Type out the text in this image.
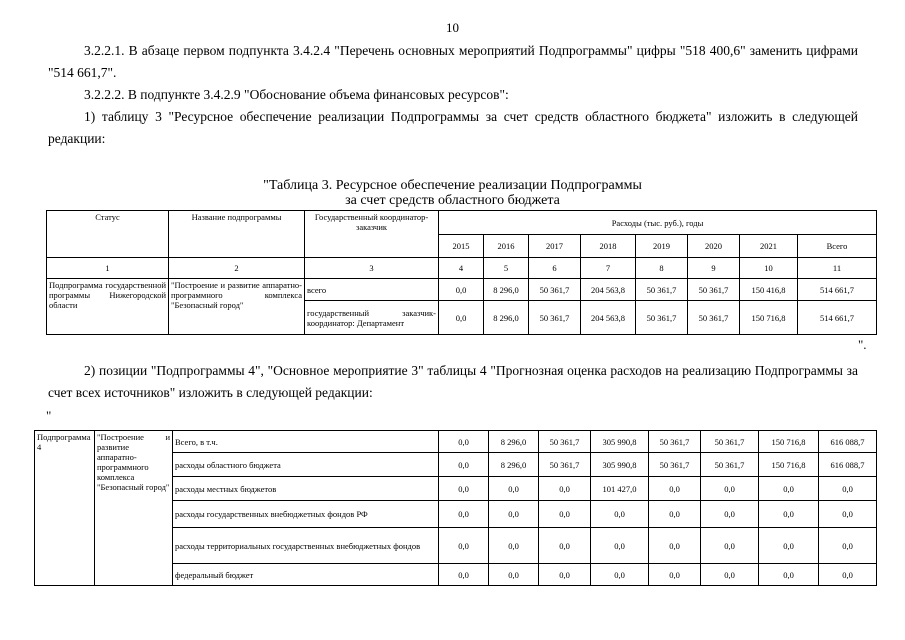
10
3.2.2.1. В абзаце первом подпункта 3.4.2.4 "Перечень основных мероприятий Подпрограммы" цифры "518 400,6" заменить цифрами "514 661,7".
3.2.2.2. В подпункте 3.4.2.9 "Обоснование объема финансовых ресурсов":
1) таблицу 3 "Ресурсное обеспечение реализации Подпрограммы за счет средств областного бюджета" изложить в следующей редакции:
"Таблица 3. Ресурсное обеспечение реализации Подпрограммы
за счет средств областного бюджета
Статус	Название подпрограммы	Государственный координатор-заказчик	Расходы (тыс. руб.), годы							
			2015	2016	2017	2018	2019	2020	2021	Всего
1	2	3	4	5	6	7	8	9	10	11
Подпрограмма государственной программы Нижегородской области	"Построение и развитие аппаратно-программного комплекса "Безопасный город"	всего	0,0	8 296,0	50 361,7	204 563,8	50 361,7	50 361,7	150 416,8	514 661,7
		государственный заказчик-координатор: Департамент	0,0	8 296,0	50 361,7	204 563,8	50 361,7	50 361,7	150 716,8	514 661,7
".
2) позиции "Подпрограммы 4", "Основное мероприятие 3" таблицы 4 "Прогнозная оценка расходов на реализацию Подпрограммы за счет всех источников" изложить в следующей редакции:
"
Подпрограмма 4	"Построение и развитие аппаратно-программного комплекса "Безопасный город"	Всего, в т.ч.	0,0	8 296,0	50 361,7	305 990,8	50 361,7	50 361,7	150 716,8	616 088,7
		расходы областного бюджета	0,0	8 296,0	50 361,7	305 990,8	50 361,7	50 361,7	150 716,8	616 088,7
		расходы местных бюджетов	0,0	0,0	0,0	101 427,0	0,0	0,0	0,0	0,0
		расходы государственных внебюджетных фондов РФ	0,0	0,0	0,0	0,0	0,0	0,0	0,0	0,0
		расходы территориальных государственных внебюджетных фондов	0,0	0,0	0,0	0,0	0,0	0,0	0,0	0,0
		федеральный бюджет	0,0	0,0	0,0	0,0	0,0	0,0	0,0	0,0
